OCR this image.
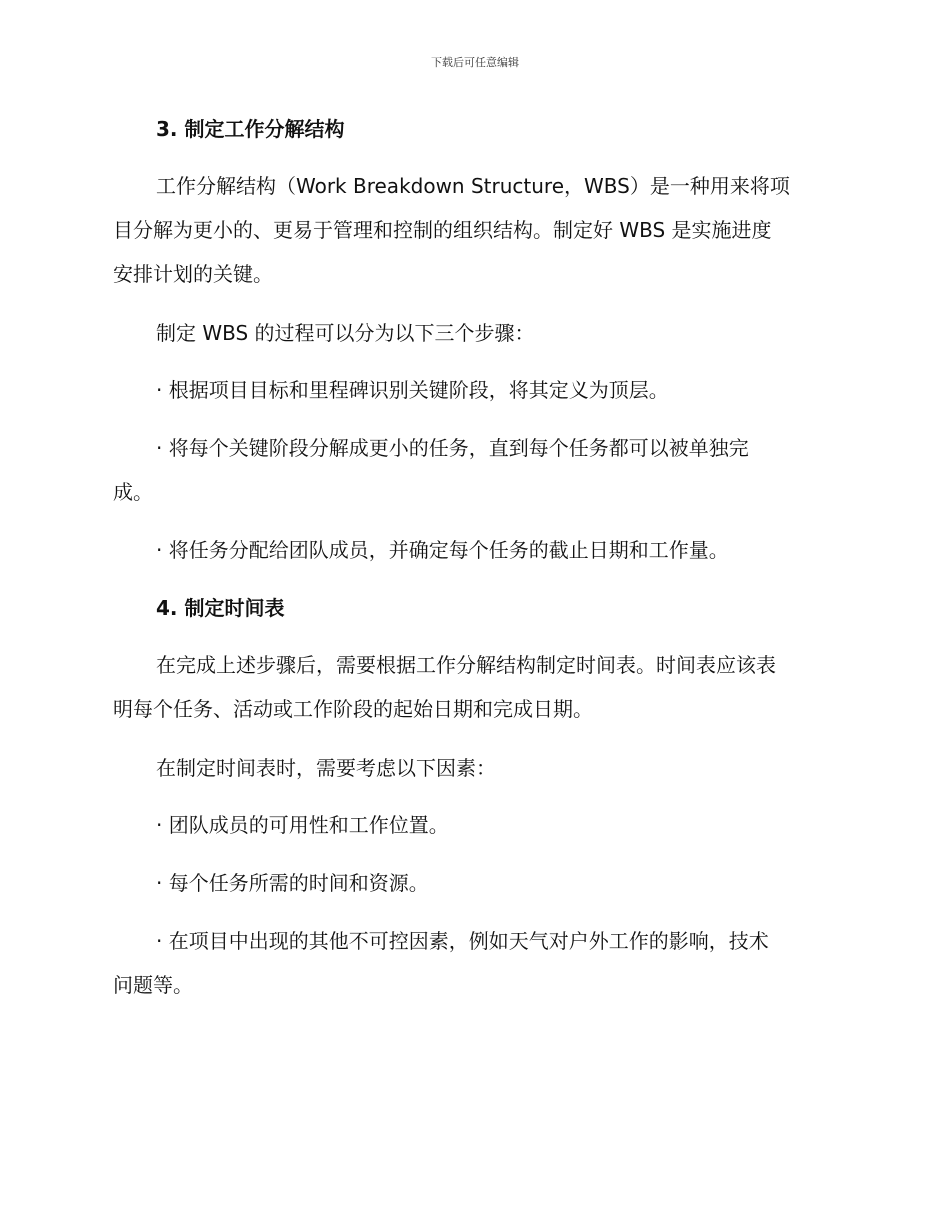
下载后可任意编辑

3. 制定工作分解结构

工作分解结构（Work Breakdown Structure，WBS）是一种用来将项

目分解为更小的、更易于管理和控制的组织结构。制定好 WBS 是实施进度

安排计划的关键。

制定 WBS 的过程可以分为以下三个步骤：

· 根据项目目标和里程碑识别关键阶段，将其定义为顶层。

· 将每个关键阶段分解成更小的任务，直到每个任务都可以被单独完

成。

· 将任务分配给团队成员，并确定每个任务的截止日期和工作量。

4. 制定时间表

在完成上述步骤后，需要根据工作分解结构制定时间表。时间表应该表

明每个任务、活动或工作阶段的起始日期和完成日期。

在制定时间表时，需要考虑以下因素：

· 团队成员的可用性和工作位置。

· 每个任务所需的时间和资源。

· 在项目中出现的其他不可控因素，例如天气对户外工作的影响，技术

问题等。
